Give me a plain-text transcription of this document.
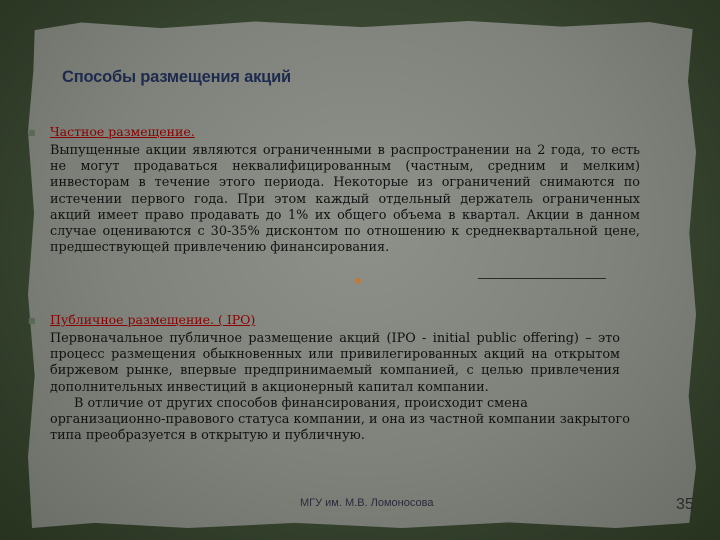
Способы размещения акций
■ Частное размещение.

Выпущенные акции являются ограниченными в распространении на 2 года, то есть не могут продаваться неквалифицированным (частным, средним и мелким) инвесторам в течение этого периода. Некоторые из ограничений снимаются по истечении первого года. При этом каждый отдельный держатель ограниченных акций имеет право продавать до 1% их общего объема в квартал. Акции в данном случае оцениваются с 30-35% дисконтом по отношению к среднеквартальной цене, предшествующей привлечению финансирования.

■ Публичное размещение. ( IPO)

Первоначальное публичное размещение акций (IPO - initial public offering) – это процесс размещения обыкновенных или привилегированных акций на открытом биржевом рынке, впервые предпринимаемый компанией, с целью привлечения дополнительных инвестиций в акционерный капитал компании.

В отличие от других способов финансирования, происходит смена организационно-правового статуса компании, и она из частной компании закрытого типа преобразуется в открытую и публичную.

МГУ им. М.В. Ломоносова	35
